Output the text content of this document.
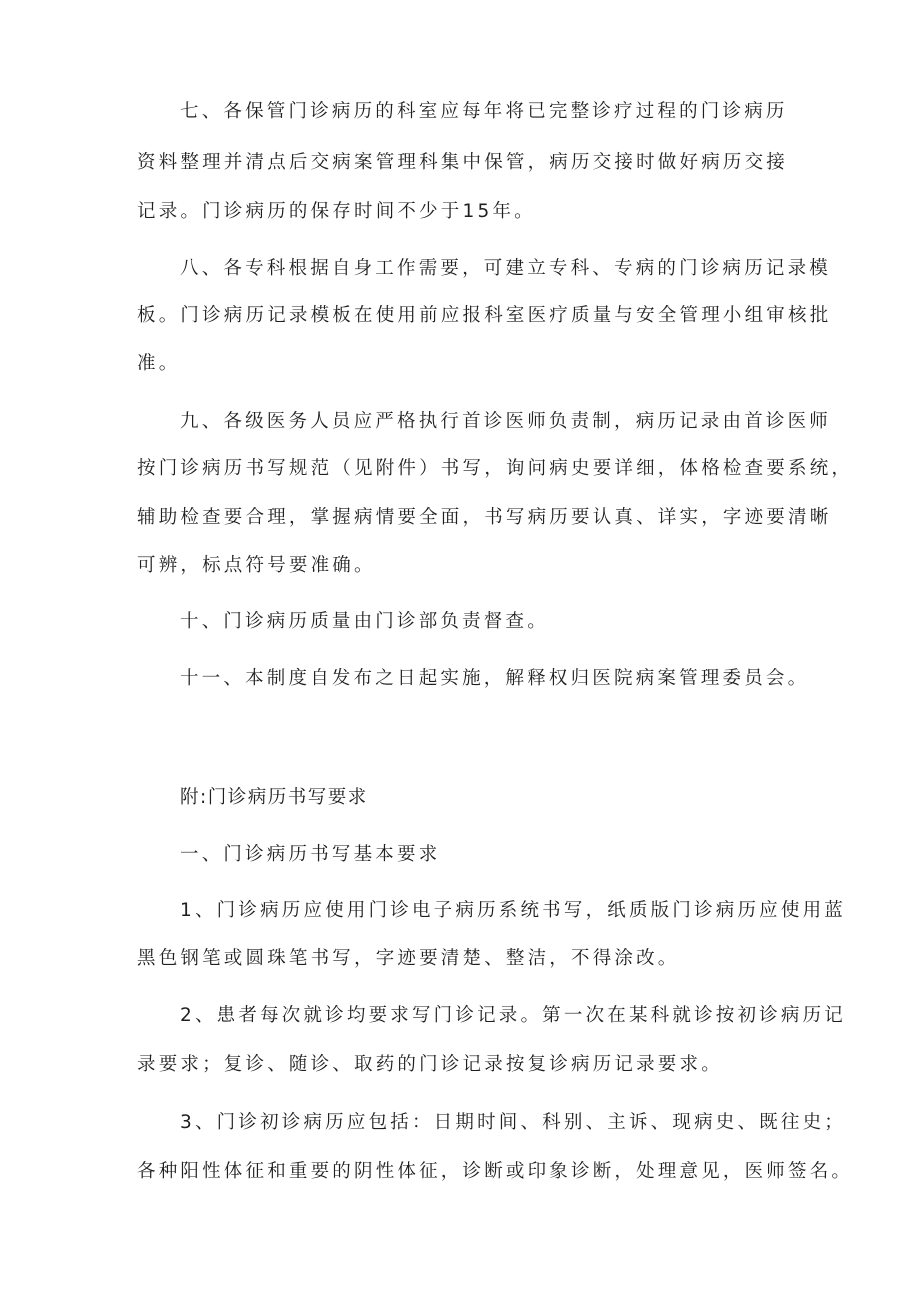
七、各保管门诊病历的科室应每年将已完整诊疗过程的门诊病历
资料整理并清点后交病案管理科集中保管，病历交接时做好病历交接
记录。门诊病历的保存时间不少于15年。
八、各专科根据自身工作需要，可建立专科、专病的门诊病历记录模
板。门诊病历记录模板在使用前应报科室医疗质量与安全管理小组审核批
准。
九、各级医务人员应严格执行首诊医师负责制，病历记录由首诊医师
按门诊病历书写规范（见附件）书写，询问病史要详细，体格检查要系统，
辅助检查要合理，掌握病情要全面，书写病历要认真、详实，字迹要清晰
可辨，标点符号要准确。
十、门诊病历质量由门诊部负责督查。
十一、本制度自发布之日起实施，解释权归医院病案管理委员会。
附:门诊病历书写要求
一、门诊病历书写基本要求
1、门诊病历应使用门诊电子病历系统书写，纸质版门诊病历应使用蓝
黑色钢笔或圆珠笔书写，字迹要清楚、整洁，不得涂改。
2、患者每次就诊均要求写门诊记录。第一次在某科就诊按初诊病历记
录要求；复诊、随诊、取药的门诊记录按复诊病历记录要求。
3、门诊初诊病历应包括：日期时间、科别、主诉、现病史、既往史；
各种阳性体征和重要的阴性体征，诊断或印象诊断，处理意见，医师签名。
